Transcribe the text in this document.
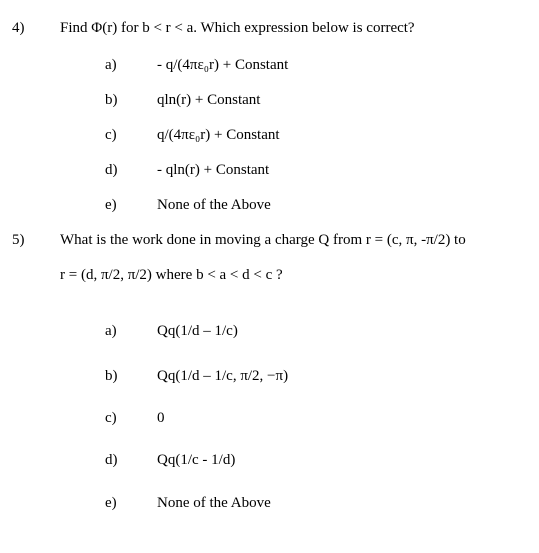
4) Find Φ(r) for b < r < a. Which expression below is correct?
a)	- q/(4πε₀r) + Constant
b)	qln(r) + Constant
c)	q/(4πε₀r) + Constant
d)	- qln(r) + Constant
e)	None of the Above
5) What is the work done in moving a charge Q from r = (c, π, -π/2) to
r = (d, π/2, π/2) where b < a < d < c ?
a)	Qq(1/d – 1/c)
b)	Qq(1/d – 1/c, π/2, −π)
c)	0
d)	Qq(1/c - 1/d)
e)	None of the Above
